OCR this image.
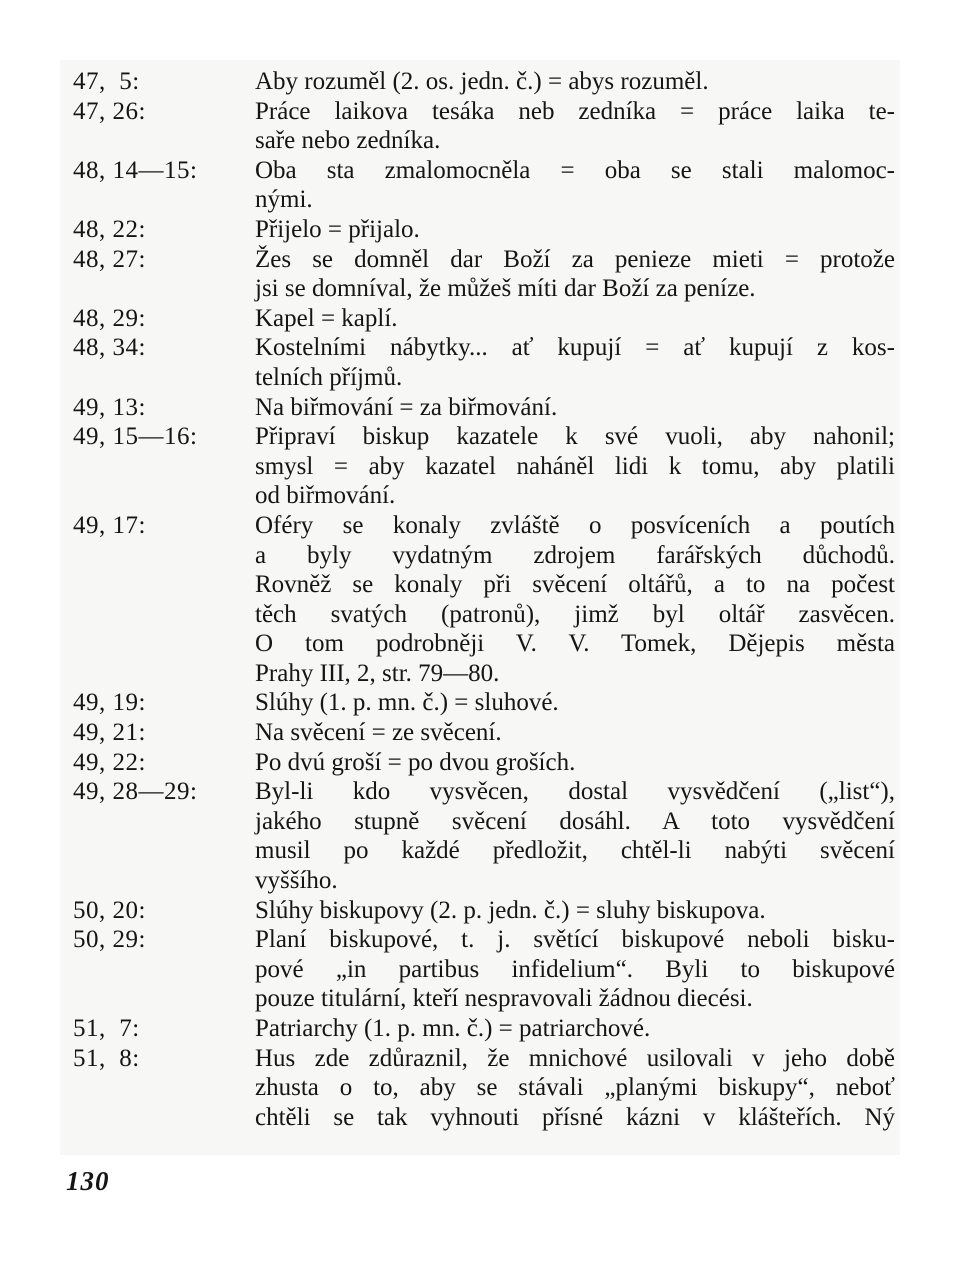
47,  5:	Aby rozuměl (2. os. jedn. č.) = abys rozuměl.
47, 26:	Práce laikova tesáka neb zedníka = práce laika te-
saře nebo zedníka.
48, 14—15:	Oba sta zmalomocněla = oba se stali malomoc-
nými.
48, 22:	Přijelo = přijalo.
48, 27:	Žes se domněl dar Boží za penieze mieti = protože
jsi se domníval, že můžeš míti dar Boží za peníze.
48, 29:	Kapel = kaplí.
48, 34:	Kostelními nábytky... ať kupují = ať kupují z kos-
telních příjmů.
49, 13:	Na biřmování = za biřmování.
49, 15—16:	Připraví biskup kazatele k své vuoli, aby nahonil;
smysl = aby kazatel naháněl lidi k tomu, aby platili
od biřmování.
49, 17:	Oféry se konaly zvláště o posvíceních a poutích
a byly vydatným zdrojem farářských důchodů.
Rovněž se konaly při svěcení oltářů, a to na počest
těch svatých (patronů), jimž byl oltář zasvěcen.
O tom podrobněji V. V. Tomek, Dějepis města
Prahy III, 2, str. 79—80.
49, 19:	Slúhy (1. p. mn. č.) = sluhové.
49, 21:	Na svěcení = ze svěcení.
49, 22:	Po dvú groší = po dvou groších.
49, 28—29:	Byl-li kdo vysvěcen, dostal vysvědčení („list“),
jakého stupně svěcení dosáhl. A toto vysvědčení
musil po každé předložit, chtěl-li nabýti svěcení
vyššího.
50, 20:	Slúhy biskupovy (2. p. jedn. č.) = sluhy biskupova.
50, 29:	Planí biskupové, t. j. světící biskupové neboli bisku-
pové „in partibus infidelium“. Byli to biskupové
pouze titulární, kteří nespravovali žádnou diecési.
51,  7:	Patriarchy (1. p. mn. č.) = patriarchové.
51,  8:	Hus zde zdůraznil, že mnichové usilovali v jeho době
zhusta o to, aby se stávali „planými biskupy“, neboť
chtěli se tak vyhnouti přísné kázni v klášteřích. Ný
130
